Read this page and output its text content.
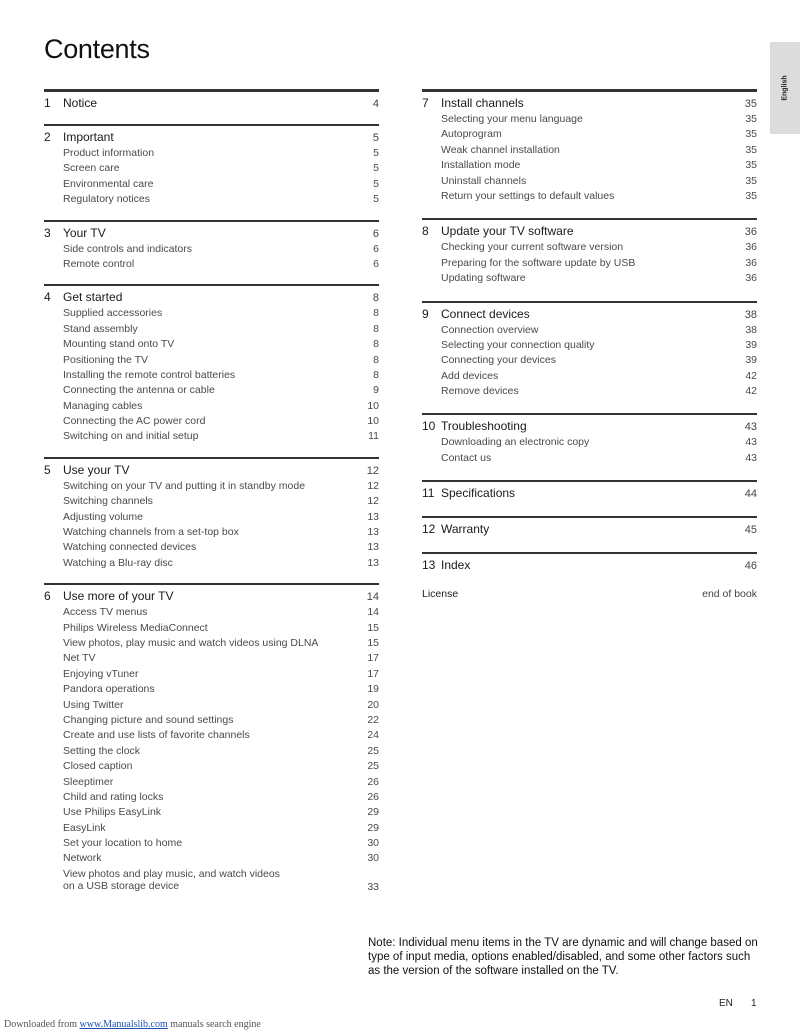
Contents
English
1	Notice	4
2	Important	5
Product information	5
Screen care	5
Environmental care	5
Regulatory notices	5
3	Your TV	6
Side controls and indicators	6
Remote control	6
4	Get started	8
Supplied accessories	8
Stand assembly	8
Mounting stand onto TV	8
Positioning the TV	8
Installing the remote control batteries	8
Connecting the antenna or cable	9
Managing cables	10
Connecting the AC power cord	10
Switching on and initial setup	11
5	Use your TV	12
Switching on your TV and putting it in standby mode	12
Switching channels	12
Adjusting volume	13
Watching channels from a set-top box	13
Watching connected devices	13
Watching a Blu-ray disc	13
6	Use more of your TV	14
Access TV menus	14
Philips Wireless MediaConnect	15
View photos, play music and watch videos using DLNA	15
Net TV	17
Enjoying vTuner	17
Pandora operations	19
Using Twitter	20
Changing picture and sound settings	22
Create and use lists of favorite channels	24
Setting the clock	25
Closed caption	25
Sleeptimer	26
Child and rating locks	26
Use Philips EasyLink	29
EasyLink	29
Set your location to home	30
Network	30
View photos and play music, and watch videos
on a USB storage device	33
7	Install channels	35
Selecting your menu language	35
Autoprogram	35
Weak channel installation	35
Installation mode	35
Uninstall channels	35
Return your settings to default values	35
8	Update your TV software	36
Checking your current software version	36
Preparing for the software update by USB	36
Updating software	36
9	Connect devices	38
Connection overview	38
Selecting your connection quality	39
Connecting your devices	39
Add devices	42
Remove devices	42
10 Troubleshooting	43
Downloading an electronic copy	43
Contact us	43
11 Specifications	44
12 Warranty	45
13 Index	46
License	end of book
Note: Individual menu items in the TV are dynamic and will change based on type of input media, options enabled/disabled, and some other factors such as the version of the software installed on the TV.
EN 1
Downloaded from www.Manualslib.com manuals search engine
